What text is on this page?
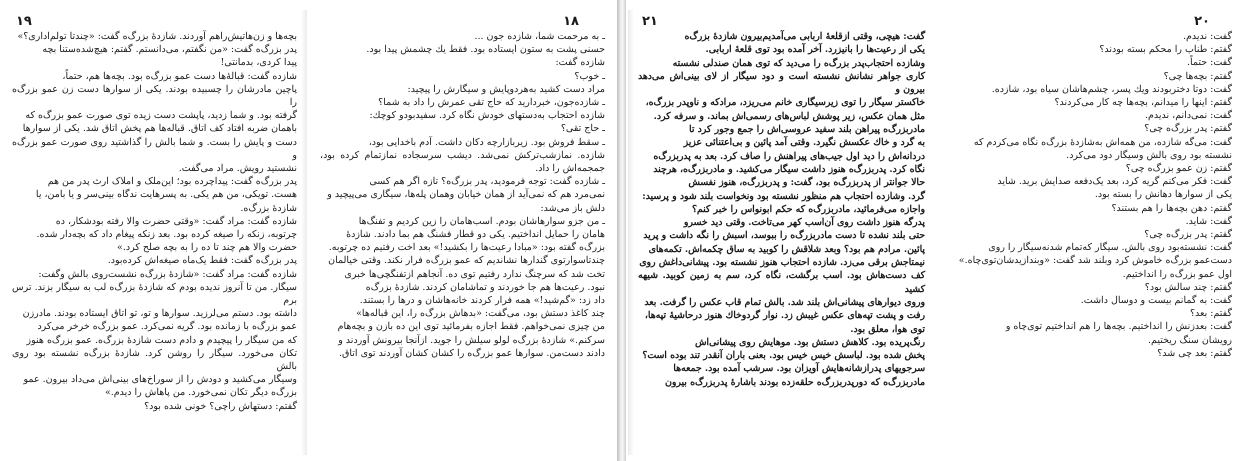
۱۹

بچه‌ها و زن‌هاتیش‌راهم آوردند. شازده‌ٔ بزرگ‌ه گفت: «چندتا تولم‌اداری؟»

پدر بزرگ‌ه گفت: «من نگفتم، می‌دانستم. گفتم: هیچ‌شده‌ستنا بچه

پیدا کردی، بدمانتی!

شازده گفت: قبالهٔ‌ها دست عمو بزرگ‌ه بود. بچه‌ها هم، حتماً،

پاچین مادرشان را چسبیده بودند. یکی از سوارها دست زن عمو بزرگ‌ه را

گرفته بود. و شما زدید، پاپشت دست زیده توی صورت عمو بزرگ‌ه که

باهمان ضربه افتاد کف اتاق. قباله‌ها هم پخش اتاق شد. یکی از سوارها

دست و پایش را بست. و شما بالش را گذاشتید روی صورت عمو بزرگ‌ه و

نشستید رویش. مراد می‌گفت.

پدر بزرگ‌ه گفت: پیداچرده بود؛ این‌ملک و املاک ارث پدر من هم

هست. تویکی، من هم یکی. به پسرهایت ندگاه بینی‌سر و یا بامن، یا

شازدهٔ بزرگ‌ه.

شازده گفت: مراد گفت: «وقتی حضرت والا رفته بودشکار، ده

چرتوبه، زنکه را صیغه کرده بود. بعد زنکه پیغام داد که بچه‌دار شده.

حضرت والا هم چند تا ده را به بچه صلح کرد.»

پدر بزرگ‌ه گفت: فقط یک‌ماه صیغه‌اش کرده‌بود.

شازده گفت: مراد گفت: «شازدهٔ بزرگ‌ه نشست‌روی بالش وگفت:

سیگار. من تا آنروز ندیده بودم که شازدهٔ بزرگ‌ه لب به سیگار بزند. ترس برم

داشته بود. دستم می‌لرزید. سوارها و تو، تو اتاق ایستاده بودند. مادرزن

عمو بزرگ‌ه با زمانده بود. گریه نمی‌کرد. عمو بزرگ‌ه خرخر می‌کرد

که من سیگار را پیچیدم و دادم دست شازدهٔ بزرگ‌ه. عمو بزرگ‌ه هنوز

تکان می‌خورد. سیگار را روشن کرد. شازدهٔ بزرگ‌ه نشسته بود روی بالش

وسیگار می‌کشید و دودش را از سوراخ‌های بینی‌اش می‌داد بیرون. عمو

بزرگ‌ه دیگر تکان نمی‌خورد. من پاهاش را دیدم.»

گفتم: دستهاش راچی؟ خونی شده بود؟

۱۸

ـ به مرحمت شما، شازده جون ...

حسنی پشت به ستون ایستاده بود. فقط یك چشمش پیدا بود.

شازده گفت:

ـ خوب؟

مراد دست کشید به‌هردوپایش و سیگارش را پیچید:

ـ شازده‌جون، خبردارید که حاج تقی عمرش را داد به شما؟

شازده احتجاب به‌دستهای خودش نگاه کرد. سفیدبودو کوچك:

ـ حاج تقی؟

ـ سقط فروش بود. زیربازارچه دکان داشت. آدم باخدایی بود،

شازده. نمازشب‌ترکش نمی‌شد. دیشب سرسجاده نمازتمام کرده بود، جمجمه‌اش را داد.

ـ شازده گفت: توجه فرمودید، پدر بزرگ‌ه؟ تازه اگر هم کسی

نمی‌مرد هم که نمی‌آید از همان خیابان وهمان پله‌ها، سیگاری می‌پیچید و

دلش باز می‌شد:

ـ من جزو سوارهاشان بودم. اسب‌هامان را زین کردیم و تفنگ‌ها‌

هامان را حمایل انداختیم. یکی دو قطار فشنگ هم بما دادند. شازدهٔ

بزرگ‌ه گفته بود: «مبادا رعیت‌ها را بکشید!» بعد اخت رفتیم ده چرتوبه.

چندتاسوارتوی گندارها نشاندیم که عمو بزرگ‌ه فرار نکند. وقتی خیالمان

تخت شد که سرچنگ ندارد رفتیم توی ده. آنجاهم ازتفنگچی‌ها خبری

نبود. رعیت‌ها هم جا خوردند و تماشامان کردند. شازدهٔ بزرگ‌ه

داد زد: «گم‌شید!» همه فرار کردند خانه‌هاشان و درها را بستند.

چند کاغذ دستش بود، می‌گفت: «بدهاش بزرگ‌ه را، این قباله‌ها»

من چیزی نمی‌خواهم. فقط اجازه بفرمائید توی این ده بازن و بچه‌هام

سرکنم.» شازدهٔ بزرگ‌ه لولو سیلش را جوید. ازآنجا بیرونش آوردند و

دادند دست‌من. سوارها عمو بزرگ‌ه را کشان کشان آوردند توی اتاق.

۲۱

گفت: هیچی، وقتی ازقلعهٔ اربابی می‌آمدیم‌بیرون شازدهٔ بزرگ‌ه

یکی از رعیت‌ها را بانیزرد. آخر آمده بود توی قلعهٔ اربابی.

وشازده احتجاب‌پدر بزرگ‌ه را می‌دید که توی همان صندلی نشسته

کاری جواهر نشانش نشسته است و دود سیگار از لای بینی‌اش می‌دهد بیرون و

خاکستر سیگار را توی زیرسیگاری خانم می‌ریزد، مرادکه و ناوپدر بزرگ‌ه،

مثل همان عکس، زیر پوشش لباس‌های رسمی‌اش بماند. و سرفه کرد.

مادربزرگ‌ه پیراهن بلند سفید عروسی‌اش را جمع وجور کرد تا

به گرد و خاك عکسش نگیرد. وقتی آمد پائین و بی‌اعتنائی عزیز

دردانه‌اش را دید اول جیب‌های پیراهنش را صاف کرد. بعد به پدربزرگ‌ه

نگاه کرد. پدربزرگ‌ه هنوز داشت سیگار می‌کشید. و مادربزرگ‌ه، هرچند

حالا جوانتر از پدربزرگ‌ه بود، گفت: و پدربزرگ‌ه، هنوز نفسش

گرد. وشازده احتجاب هم منظور نشسته بود ونخواست بلند شود و پرسید:

واجازه می‌فرمائید، مادربزرگ‌ه که حکم ابونواس را خبر کنم؟

پدرگه هنوز داشت روی آن‌اسب کهر می‌تاخت. وقتی دید خسرو

حتی بلند نشده تا دست مادربزرگ‌ه را ببوسد، اسبش را نگه داشت و پرید

پائین. مرادم هم بود؟ وبعد شلاقش را کوبید به ساق چکمه‌اش. تکمه‌های

نیمتاجش برقی می‌زد. شازده احتجاب هنوز نشسته بود. پیشانی‌داغش روی

کف دست‌هاش بود. اسب برگشت، نگاه کرد، سم به زمین کوبید. شیهه کشید

وروی دیوارهای پیشانی‌اش بلند شد. بالش تمام قاب عکس را گرفت. بعد

رفت و پشت تپه‌های عکس غیبش زد. نوار گردوخاك هنوز درحاشیهٔ تپه‌ها،

توی هوا، معلق بود.

رنگ‌پریده بود. کلاهش دستش بود. موهایش روی پیشانی‌اش

پخش شده بود. لباسش خیس خیس بود. بعنی باران آنقدر تند بوده است؟

سرجویهای پدرازشانه‌هایش آویزان بود. سرشب آمده بود. جمعه‌ها

مادربزرگ‌ه که دورپدربزرگ‌ه حلقه‌زده بودند باشارهٔ پدربزرگ‌ه بیرون

۲۰

گفت: ندیدم.

گفتم: طناب را محکم بسته بودند؟

گفت: حتماً.

گفتم: بچه‌ها چی؟

گفت: دوتا دختربودند ویك پسر، چشم‌هاشان سیاه بود، شازده.

گفتم: اینها را میدانم، بچه‌ها چه کار می‌کردند؟

گفت: نمی‌دانم، ندیدم.

گفتم: پدر بزرگ‌ه چی؟

گفت: می‌گه شازده، من همه‌اش به‌شازدهٔ بزرگ‌ه نگاه می‌کردم که

نشسته بود روی بالش وسیگار دود می‌کرد.

گفتم: زن عمو بزرگ‌ه چی؟

گفت: فکر می‌کنم گریه کرد، بعد یک‌دفعه صدایش برید. شاید

یکی از سوارها دهانش را بسته بود.

گفتم: دهن بچه‌ها را هم بستند؟

گفت: شاید.

گفتم: پدر بزرگ‌ه چی؟

گفت: نشسته‌بود روی بالش. سیگار که‌تمام شد‌نه‌سیگار را روی

دست‌عمو بزرگ‌ه خاموش کرد وبلند شد گفت: «وبندازید‌شان‌توی‌چاه.»

اول عمو بزرگ‌ه را انداختیم.

گفتم: چند سالش بود؟

گفت: به گمانم بیست و دوسال داشت.

گفتم: بعد؟

گفت: بعدزنش را انداختیم. بچه‌ها را هم انداختیم توی‌چاه و

رویشان سنگ ریختیم.

گفتم: بعد چی شد؟
